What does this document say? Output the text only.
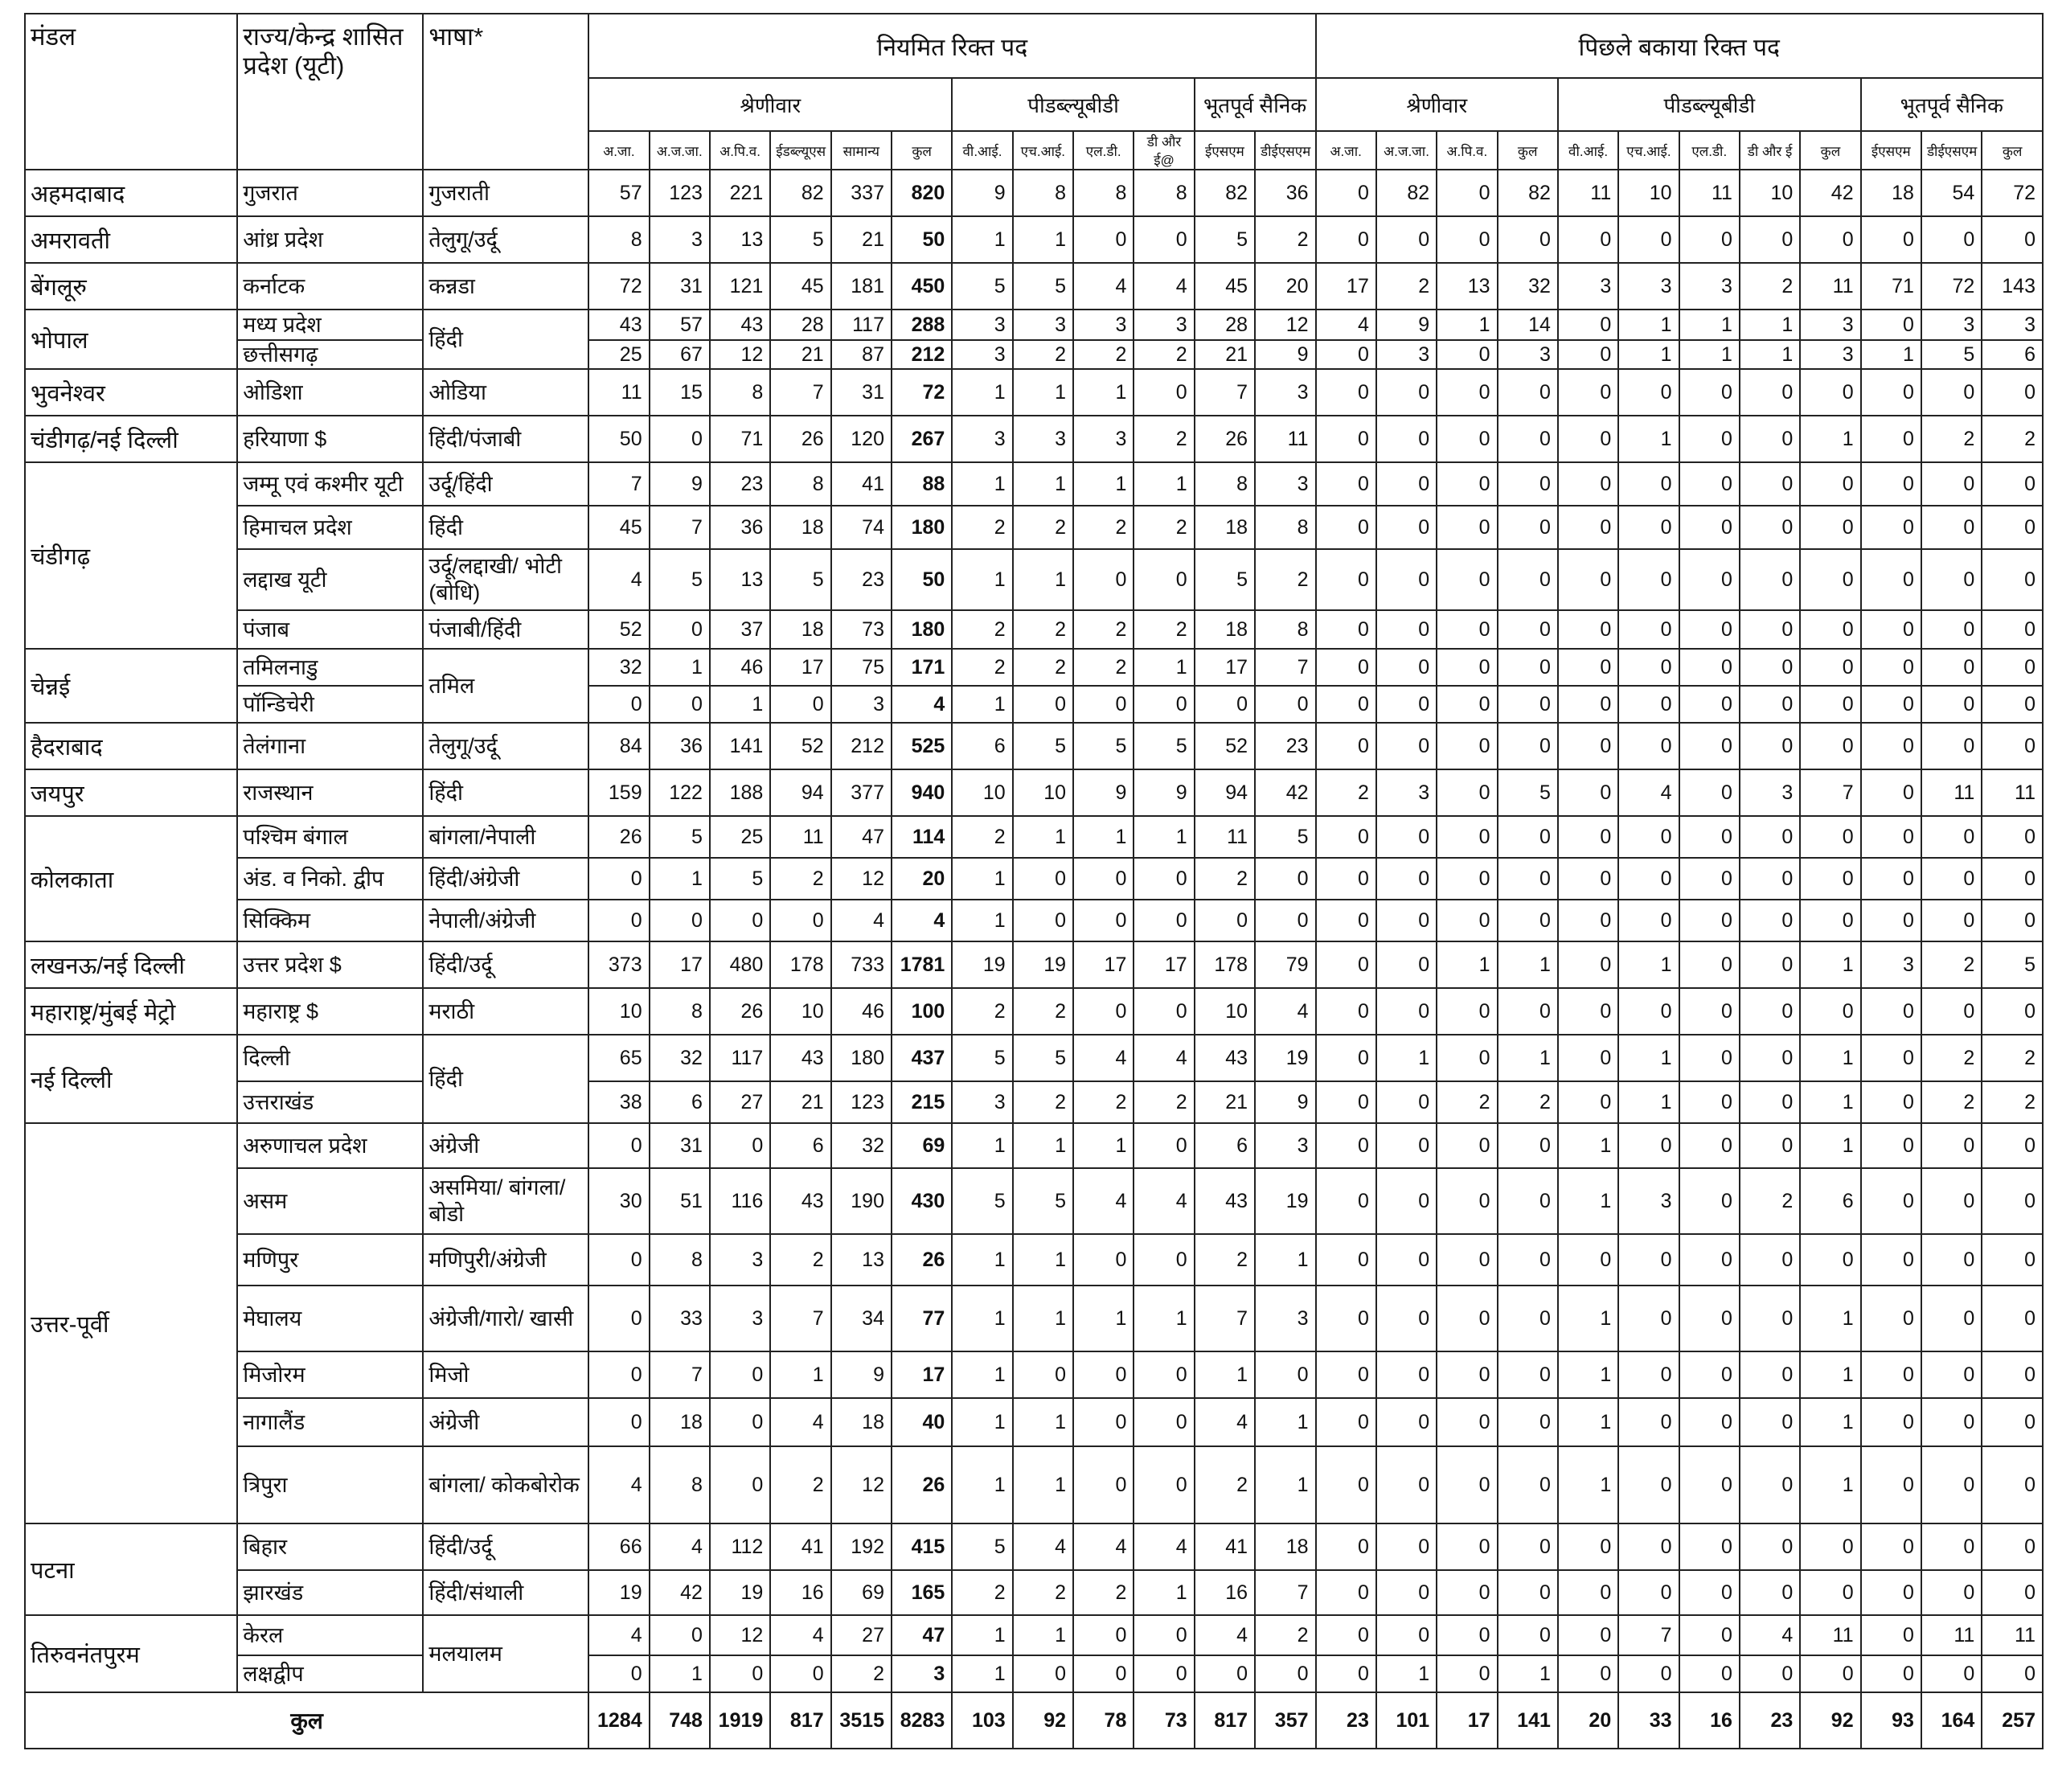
मंडल	राज्य/केन्द्र शासित प्रदेश (यूटी)	भाषा*	नियमित रिक्त पद												पिछले बकाया रिक्त पद											
			श्रेणीवार						पीडब्ल्यूबीडी				भूतपूर्व सैनिक		श्रेणीवार				पीडब्ल्यूबीडी					भूतपूर्व सैनिक		
			अ.जा.	अ.ज.जा.	अ.पि.व.	ईडब्ल्यूएस	सामान्य	कुल	वी.आई.	एच.आई.	एल.डी.	डी और ई@	ईएसएम	डीईएसएम	अ.जा.	अ.ज.जा.	अ.पि.व.	कुल	वी.आई.	एच.आई.	एल.डी.	डी और ई	कुल	ईएसएम	डीईएसएम	कुल
अहमदाबाद	गुजरात	गुजराती	57	123	221	82	337	820	9	8	8	8	82	36	0	82	0	82	11	10	11	10	42	18	54	72
अमरावती	आंध्र प्रदेश	तेलुगू/उर्दू	8	3	13	5	21	50	1	1	0	0	5	2	0	0	0	0	0	0	0	0	0	0	0	0
बेंगलूरु	कर्नाटक	कन्नडा	72	31	121	45	181	450	5	5	4	4	45	20	17	2	13	32	3	3	3	2	11	71	72	143
भोपाल	मध्य प्रदेश	हिंदी	43	57	43	28	117	288	3	3	3	3	28	12	4	9	1	14	0	1	1	1	3	0	3	3
	छत्तीसगढ़		25	67	12	21	87	212	3	2	2	2	21	9	0	3	0	3	0	1	1	1	3	1	5	6
भुवनेश्वर	ओडिशा	ओडिया	11	15	8	7	31	72	1	1	1	0	7	3	0	0	0	0	0	0	0	0	0	0	0	0
चंडीगढ़/नई दिल्ली	हरियाणा $	हिंदी/पंजाबी	50	0	71	26	120	267	3	3	3	2	26	11	0	0	0	0	0	1	0	0	1	0	2	2
चंडीगढ़	जम्मू एवं कश्मीर यूटी	उर्दू/हिंदी	7	9	23	8	41	88	1	1	1	1	8	3	0	0	0	0	0	0	0	0	0	0	0	0
	हिमाचल प्रदेश	हिंदी	45	7	36	18	74	180	2	2	2	2	18	8	0	0	0	0	0	0	0	0	0	0	0	0
	लद्दाख यूटी	उर्दू/लद्दाखी/ भोटी (बोधि)	4	5	13	5	23	50	1	1	0	0	5	2	0	0	0	0	0	0	0	0	0	0	0	0
	पंजाब	पंजाबी/हिंदी	52	0	37	18	73	180	2	2	2	2	18	8	0	0	0	0	0	0	0	0	0	0	0	0
चेन्नई	तमिलनाडु	तमिल	32	1	46	17	75	171	2	2	2	1	17	7	0	0	0	0	0	0	0	0	0	0	0	0
	पॉन्डिचेरी		0	0	1	0	3	4	1	0	0	0	0	0	0	0	0	0	0	0	0	0	0	0	0	0
हैदराबाद	तेलंगाना	तेलुगू/उर्दू	84	36	141	52	212	525	6	5	5	5	52	23	0	0	0	0	0	0	0	0	0	0	0	0
जयपुर	राजस्थान	हिंदी	159	122	188	94	377	940	10	10	9	9	94	42	2	3	0	5	0	4	0	3	7	0	11	11
कोलकाता	पश्चिम बंगाल	बांगला/नेपाली	26	5	25	11	47	114	2	1	1	1	11	5	0	0	0	0	0	0	0	0	0	0	0	0
	अंड. व निको. द्वीप	हिंदी/अंग्रेजी	0	1	5	2	12	20	1	0	0	0	2	0	0	0	0	0	0	0	0	0	0	0	0	0
	सिक्किम	नेपाली/अंग्रेजी	0	0	0	0	4	4	1	0	0	0	0	0	0	0	0	0	0	0	0	0	0	0	0	0
लखनऊ/नई दिल्ली	उत्तर प्रदेश $	हिंदी/उर्दू	373	17	480	178	733	1781	19	19	17	17	178	79	0	0	1	1	0	1	0	0	1	3	2	5
महाराष्ट्र/मुंबई मेट्रो	महाराष्ट्र $	मराठी	10	8	26	10	46	100	2	2	0	0	10	4	0	0	0	0	0	0	0	0	0	0	0	0
नई दिल्ली	दिल्ली	हिंदी	65	32	117	43	180	437	5	5	4	4	43	19	0	1	0	1	0	1	0	0	1	0	2	2
	उत्तराखंड		38	6	27	21	123	215	3	2	2	2	21	9	0	0	2	2	0	1	0	0	1	0	2	2
उत्तर-पूर्वी	अरुणाचल प्रदेश	अंग्रेजी	0	31	0	6	32	69	1	1	1	0	6	3	0	0	0	0	1	0	0	0	1	0	0	0
	असम	असमिया/ बांगला/बोडो	30	51	116	43	190	430	5	5	4	4	43	19	0	0	0	0	1	3	0	2	6	0	0	0
	मणिपुर	मणिपुरी/अंग्रेजी	0	8	3	2	13	26	1	1	0	0	2	1	0	0	0	0	0	0	0	0	0	0	0	0
	मेघालय	अंग्रेजी/गारो/ खासी	0	33	3	7	34	77	1	1	1	1	7	3	0	0	0	0	1	0	0	0	1	0	0	0
	मिजोरम	मिजो	0	7	0	1	9	17	1	0	0	0	1	0	0	0	0	0	1	0	0	0	1	0	0	0
	नागालैंड	अंग्रेजी	0	18	0	4	18	40	1	1	0	0	4	1	0	0	0	0	1	0	0	0	1	0	0	0
	त्रिपुरा	बांगला/ कोकबोरोक	4	8	0	2	12	26	1	1	0	0	2	1	0	0	0	0	1	0	0	0	1	0	0	0
पटना	बिहार	हिंदी/उर्दू	66	4	112	41	192	415	5	4	4	4	41	18	0	0	0	0	0	0	0	0	0	0	0	0
	झारखंड	हिंदी/संथाली	19	42	19	16	69	165	2	2	2	1	16	7	0	0	0	0	0	0	0	0	0	0	0	0
तिरुवनंतपुरम	केरल	मलयालम	4	0	12	4	27	47	1	1	0	0	4	2	0	0	0	0	0	7	0	4	11	0	11	11
	लक्षद्वीप		0	1	0	0	2	3	1	0	0	0	0	0	0	1	0	1	0	0	0	0	0	0	0	0
कुल			1284	748	1919	817	3515	8283	103	92	78	73	817	357	23	101	17	141	20	33	16	23	92	93	164	257
